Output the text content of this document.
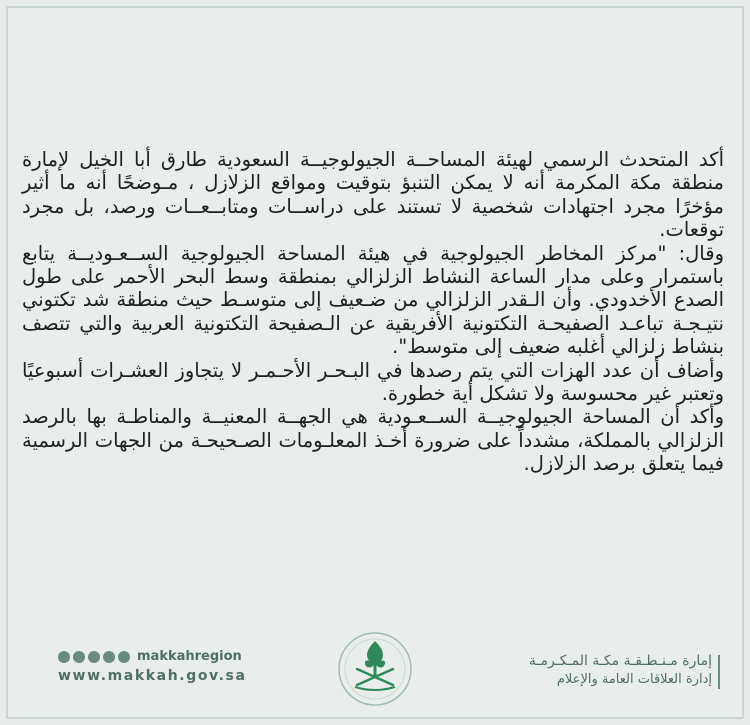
أكد المتحدث الرسمي لهيئة المساحــة الجيولوجيــة السعودية طارق أبا الخيل لإمارة منطقة مكة المكرمة أنه لا يمكن التنبؤ بتوقيت ومواقع الزلازل ، مـوضحًا أنه ما أثير مؤخرًا مجرد اجتهادات شخصية لا تستند على دراســات ومتابــعــات ورصد، بل مجرد توقعات.

وقال: "مركز المخاطر الجيولوجية في هيئة المساحة الجيولوجية الســعـوديــة يتابع باستمرار وعلى مدار الساعة النشاط الزلزالي بمنطقة وسط البحر الأحمر على طول الصدع الأخدودي. وأن الـقدر الزلزالي من ضـعيف إلى متوسـط حيث منطقة شد تكتوني نتيـجـة تباعـد الصفيحـة التكتونية الأفريقية عن الـصفيحة التكتونية العربية والتي تتصف بنشاط زلزالي أغلبه ضعيف إلى متوسط".

وأضاف أن عدد الهزات التي يتم رصدها في البـحـر الأحـمـر لا يتجاوز العشـرات أسبوعيًا وتعتبر غير محسوسة ولا تشكل أية خطورة.

وأكد أن المساحة الجيولوجيــة الســعـودية هي الجهــة المعنيــة والمناطـة بها بالرصد الزلزالي بالمملكة، مشدداً على ضرورة أخـذ المعلـومات الصـحيحـة من الجهات الرسمية فيما يتعلق برصد الزلازل.

makkahregion
www.makkah.gov.sa
إمارة مـنـطـقـة مكـة المـكـرمـة
إدارة العلاقات العامة والإعلام
